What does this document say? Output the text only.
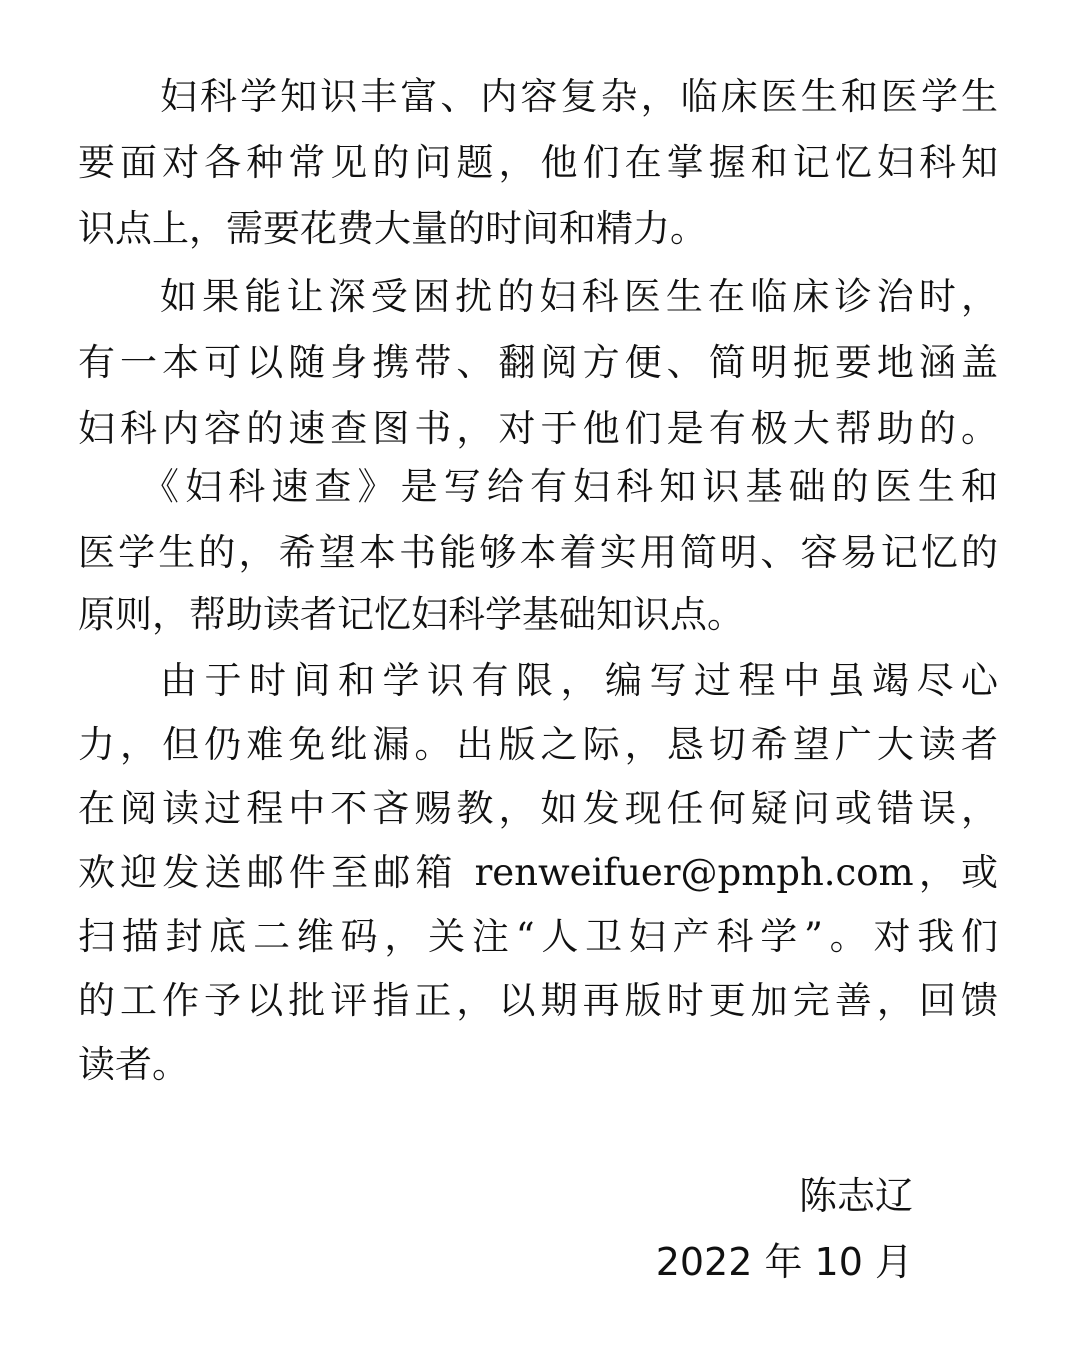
妇科学知识丰富、内容复杂，临床医生和医学生
要面对各种常见的问题，他们在掌握和记忆妇科知
识点上，需要花费大量的时间和精力。
如果能让深受困扰的妇科医生在临床诊治时，
有一本可以随身携带、翻阅方便、简明扼要地涵盖
妇科内容的速查图书，对于他们是有极大帮助的。
《妇科速查》是写给有妇科知识基础的医生和
医学生的，希望本书能够本着实用简明、容易记忆的
原则，帮助读者记忆妇科学基础知识点。
由于时间和学识有限，编写过程中虽竭尽心
力，但仍难免纰漏。出版之际，恳切希望广大读者
在阅读过程中不吝赐教，如发现任何疑问或错误，
欢迎发送邮件至邮箱 renweifuer@pmph.com，或
扫描封底二维码，关注“人卫妇产科学”。对我们
的工作予以批评指正，以期再版时更加完善，回馈
读者。
陈志辽
2022 年 10 月
